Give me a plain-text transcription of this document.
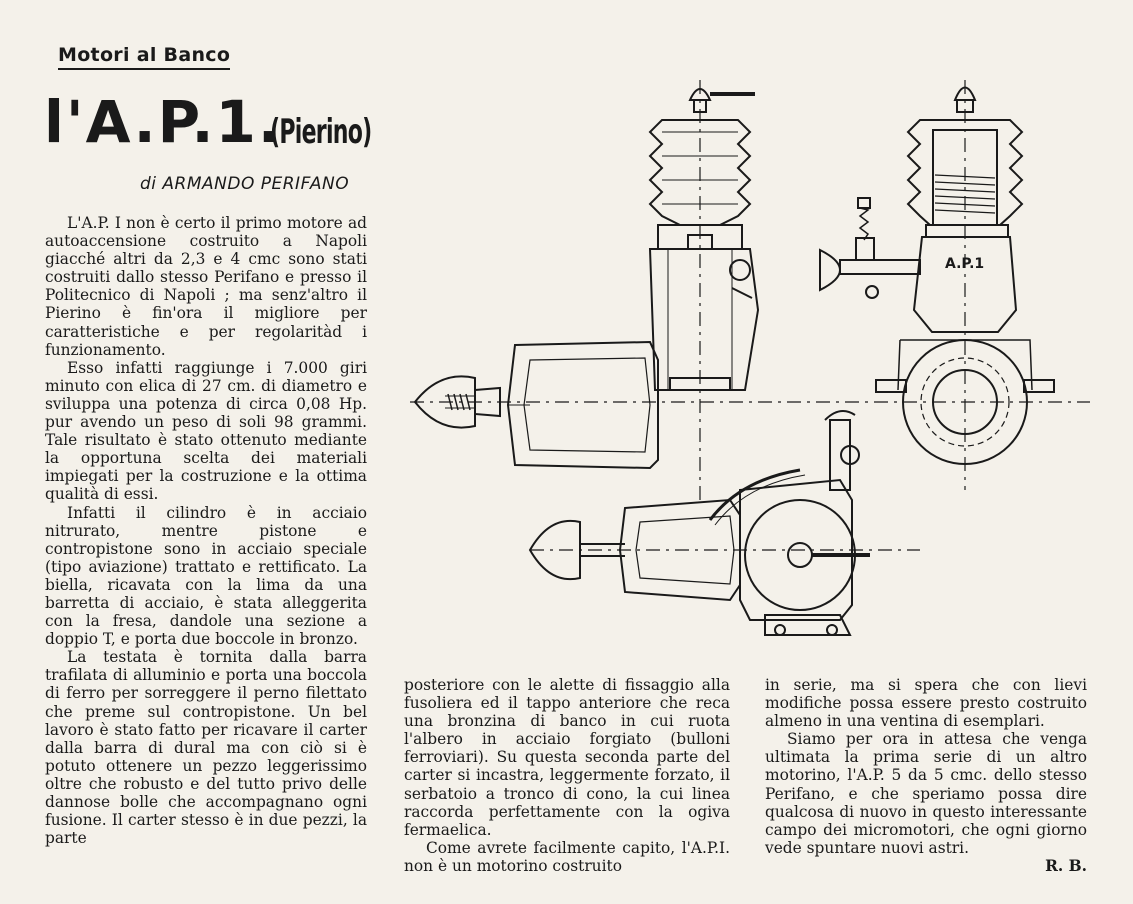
Motori al Banco
l'A.P.1.
(Pierino)
di ARMANDO PERIFANO

L'A.P. I non è certo il primo motore ad autoaccensione costruito a Napoli giacché altri da 2,3 e 4 cmc sono stati costruiti dallo stesso Perifano e presso il Politecnico di Napoli ; ma senz'altro il Pierino è fin'ora il migliore per caratteristiche e per regolaritàd i funzionamento.

Esso infatti raggiunge i 7.000 giri minuto con elica di 27 cm. di diametro e sviluppa una potenza di circa 0,08 Hp. pur avendo un peso di soli 98 grammi. Tale risultato è stato ottenuto mediante la opportuna scelta dei materiali impiegati per la costruzione e la ottima qualità di essi.

Infatti il cilindro è in acciaio nitrurato, mentre pistone e contropistone sono in acciaio speciale (tipo aviazione) trattato e rettificato. La biella, ricavata con la lima da una barretta di acciaio, è stata alleggerita con la fresa, dandole una sezione a doppio T, e porta due boccole in bronzo.

La testata è tornita dalla barra trafilata di alluminio e porta una boccola di ferro per sorreggere il perno filettato che preme sul contropistone. Un bel lavoro è stato fatto per ricavare il carter dalla barra di dural ma con ciò si è potuto ottenere un pezzo leggerissimo oltre che robusto e del tutto privo delle dannose bolle che accompagnano ogni fusione. Il carter stesso è in due pezzi, la parte

posteriore con le alette di fissaggio alla fusoliera ed il tappo anteriore che reca una bronzina di banco in cui ruota l'albero in acciaio forgiato (bulloni ferroviari). Su questa seconda parte del carter si incastra, leggermente forzato, il serbatoio a tronco di cono, la cui linea raccorda perfettamente con la ogiva fermaelica.

Come avrete facilmente capito, l'A.P.I. non è un motorino costruito

in serie, ma si spera che con lievi modifiche possa essere presto costruito almeno in una ventina di esemplari.

Siamo per ora in attesa che venga ultimata la prima serie di un altro motorino, l'A.P. 5 da 5 cmc. dello stesso Perifano, e che speriamo possa dire qualcosa di nuovo in questo interessante campo dei micromotori, che ogni giorno vede spuntare nuovi astri.

R. B.

A.P.1
